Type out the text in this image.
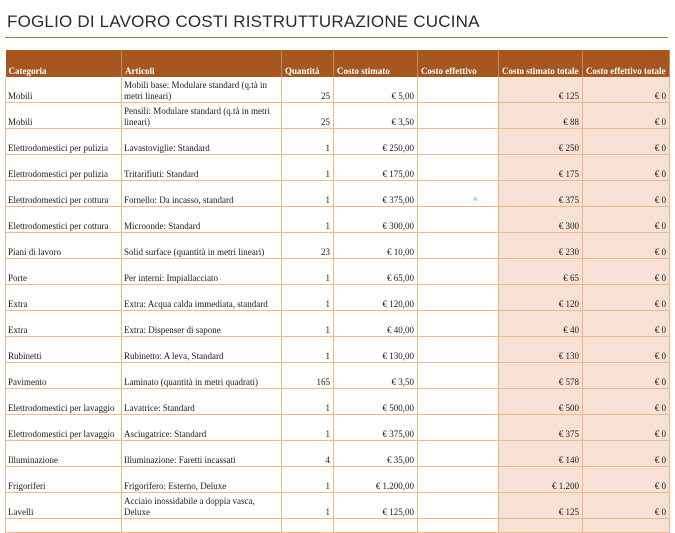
FOGLIO DI LAVORO COSTI RISTRUTTURAZIONE CUCINA
Categoria	Articoli	Quantità	Costo stimato	Costo effettivo	Costo stimato totale	Costo effettivo totale
Mobili	Mobili base: Modulare standard (q.tà in metri lineari)	25	€ 5,00		€ 125	€ 0
Mobili	Pensili: Modulare standard (q.tà in metri lineari)	25	€ 3,50		€ 88	€ 0
Elettrodomestici per pulizia	Lavastoviglie: Standard	1	€ 250,00		€ 250	€ 0
Elettrodomestici per pulizia	Tritarifiuti: Standard	1	€ 175,00		€ 175	€ 0
Elettrodomestici per cottura	Fornello: Da incasso, standard	1	€ 375,00		€ 375	€ 0
Elettrodomestici per cottura	Microonde: Standard	1	€ 300,00		€ 300	€ 0
Piani di lavoro	Solid surface (quantità in metri lineari)	23	€ 10,00		€ 230	€ 0
Porte	Per interni: Impiallacciato	1	€ 65,00		€ 65	€ 0
Extra	Extra: Acqua calda immediata, standard	1	€ 120,00		€ 120	€ 0
Extra	Extra: Dispenser di sapone	1	€ 40,00		€ 40	€ 0
Rubinetti	Rubinetto: A leva, Standard	1	€ 130,00		€ 130	€ 0
Pavimento	Laminato (quantità in metri quadrati)	165	€ 3,50		€ 578	€ 0
Elettrodomestici per lavaggio	Lavatrice: Standard	1	€ 500,00		€ 500	€ 0
Elettrodomestici per lavaggio	Asciugatrice: Standard	1	€ 375,00		€ 375	€ 0
Illuminazione	Illuminazione: Faretti incassati	4	€ 35,00		€ 140	€ 0
Frigoriferi	Frigorifero: Esterno, Deluxe	1	€ 1.200,00		€ 1.200	€ 0
Lavelli	Acciaio inossidabile a doppia vasca, Deluxe	1	€ 125,00		€ 125	€ 0

✳
